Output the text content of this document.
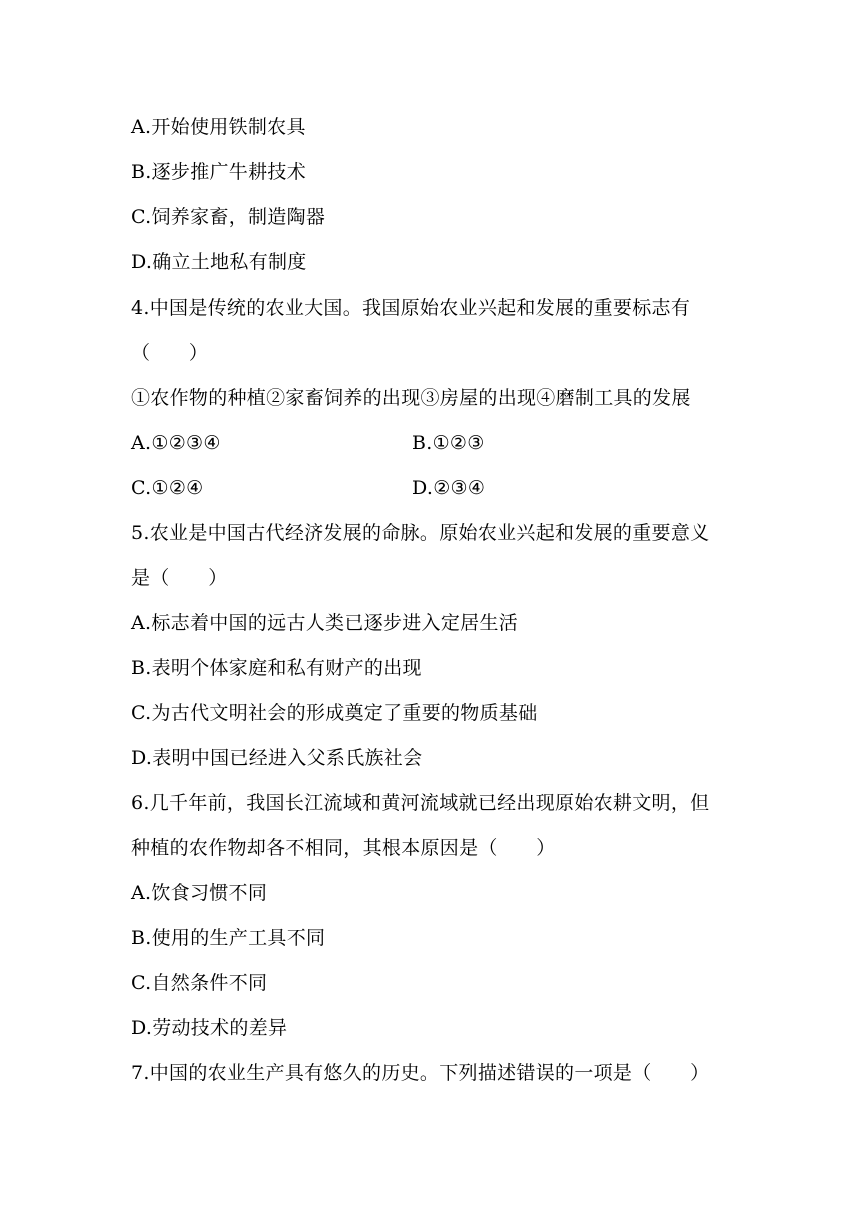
A.开始使用铁制农具
B.逐步推广牛耕技术
C.饲养家畜，制造陶器
D.确立土地私有制度
4.中国是传统的农业大国。我国原始农业兴起和发展的重要标志有
（　　）
①农作物的种植②家畜饲养的出现③房屋的出现④磨制工具的发展
A.①②③④	B.①②③
C.①②④	D.②③④
5.农业是中国古代经济发展的命脉。原始农业兴起和发展的重要意义
是（　　）
A.标志着中国的远古人类已逐步进入定居生活
B.表明个体家庭和私有财产的出现
C.为古代文明社会的形成奠定了重要的物质基础
D.表明中国已经进入父系氏族社会
6.几千年前，我国长江流域和黄河流域就已经出现原始农耕文明，但
种植的农作物却各不相同，其根本原因是（　　）
A.饮食习惯不同
B.使用的生产工具不同
C.自然条件不同
D.劳动技术的差异
7.中国的农业生产具有悠久的历史。下列描述错误的一项是（　　）
